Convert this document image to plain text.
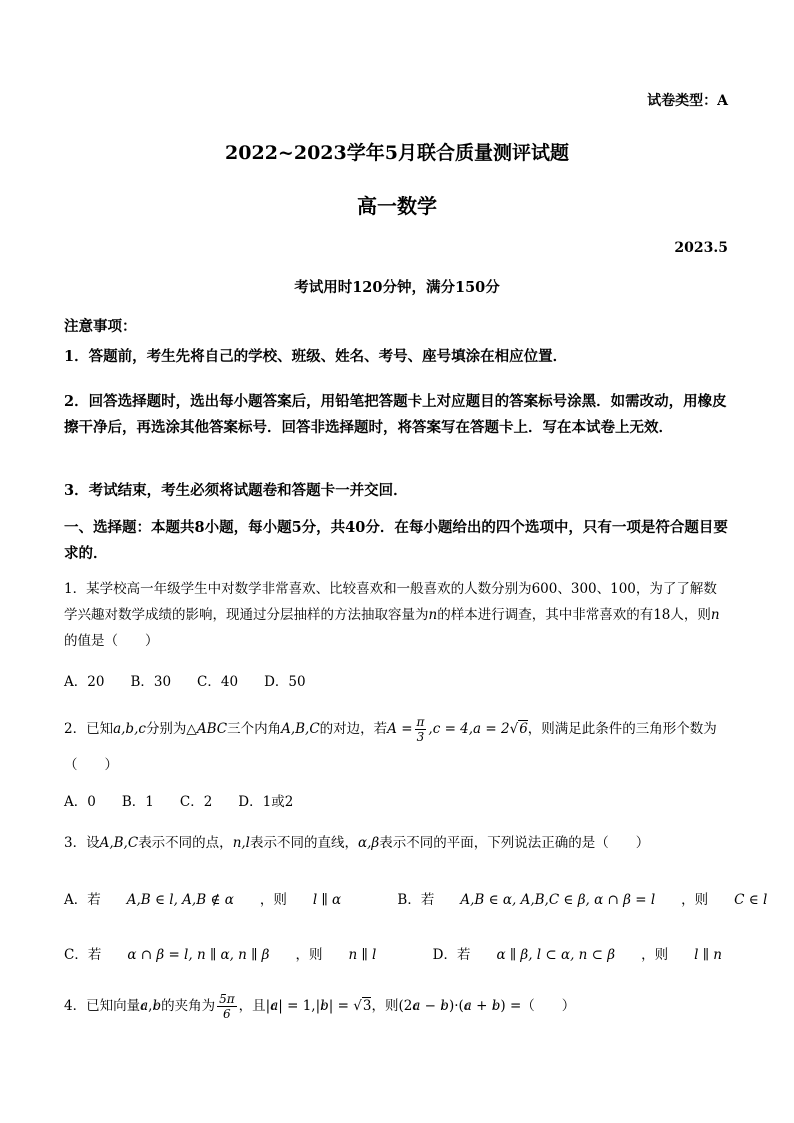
试卷类型：A
2022~2023学年5月联合质量测评试题
高一数学
2023.5
考试用时120分钟，满分150分
注意事项：
1．答题前，考生先将自己的学校、班级、姓名、考号、座号填涂在相应位置．
2．回答选择题时，选出每小题答案后，用铅笔把答题卡上对应题目的答案标号涂黑．如需改动，用橡皮擦干净后，再选涂其他答案标号．回答非选择题时，将答案写在答题卡上．写在本试卷上无效．
3．考试结束，考生必须将试题卷和答题卡一并交回．
一、选择题：本题共8小题，每小题5分，共40分．在每小题给出的四个选项中，只有一项是符合题目要求的．
1．某学校高一年级学生中对数学非常喜欢、比较喜欢和一般喜欢的人数分别为600、300、100，为了了解数学兴趣对数学成绩的影响，现通过分层抽样的方法抽取容量为n的样本进行调查，其中非常喜欢的有18人，则n的值是（　　）
A．20 B．30 C．40 D．50
2．已知a,b,c分别为△ABC三个内角A,B,C的对边，若$A = \frac{\pi}{3} ,c = 4,a = 2√6$，则满足此条件的三角形个数为（　　）
A．0 B．1 C．2 D．1或2
3．设A,B,C表示不同的点，n,l表示不同的直线，α,β表示不同的平面，下列说法正确的是（　　）
A．若 A,B ∈ l, A,B ∉ α ，则 l ∥ α	B．若 A,B ∈ α, A,B,C ∈ β, α ∩ β = l ，则 C ∈ l
C．若 α ∩ β = l, n ∥ α, n ∥ β ，则 n ∥ l	D．若 α ∥ β, l ⊂ α, n ⊂ β ，则 l ∥ n
4．已知向量r a,r b的夹角为 $\frac{5\pi}{6}$ ，且|r a| = 1,|r b| = √3，则(2r a − r b)·(r a + r b) =（　　）
